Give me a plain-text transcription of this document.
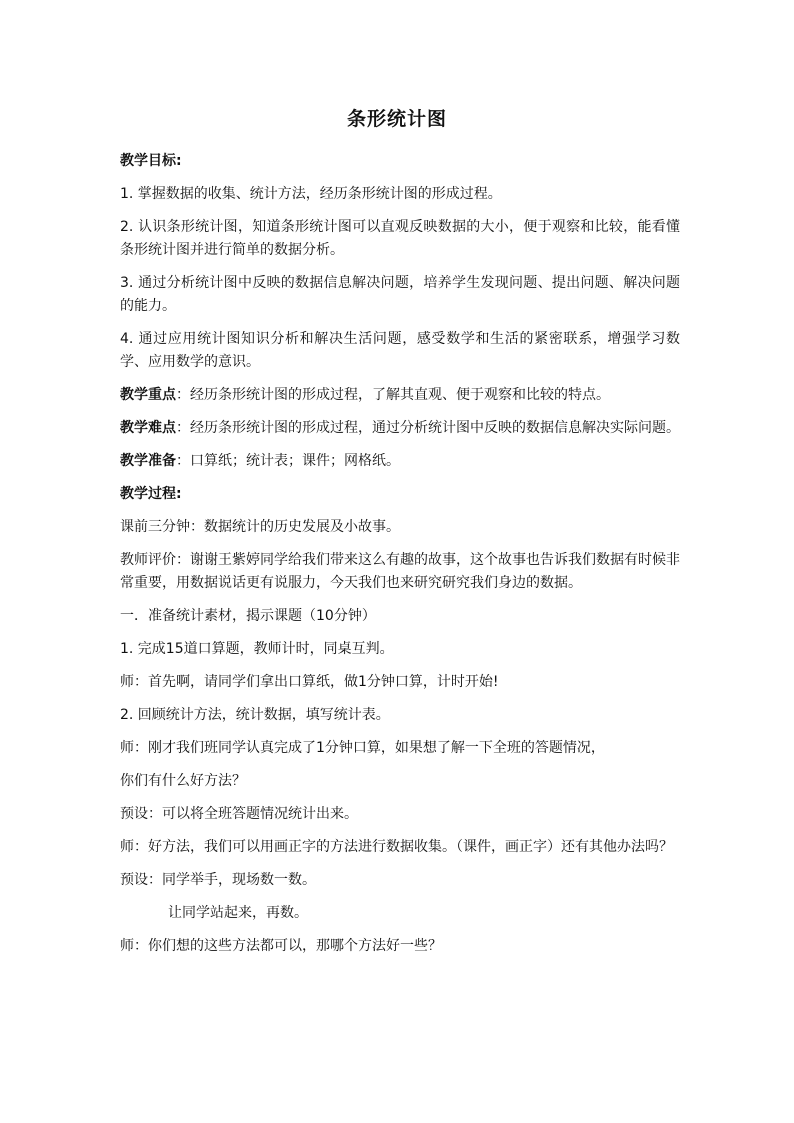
条形统计图

教学目标:

1. 掌握数据的收集、统计方法，经历条形统计图的形成过程。

2. 认识条形统计图，知道条形统计图可以直观反映数据的大小，便于观察和比较，能看懂条形统计图并进行简单的数据分析。

3. 通过分析统计图中反映的数据信息解决问题，培养学生发现问题、提出问题、解决问题的能力。

4. 通过应用统计图知识分析和解决生活问题，感受数学和生活的紧密联系，增强学习数学、应用数学的意识。

教学重点：经历条形统计图的形成过程，了解其直观、便于观察和比较的特点。

教学难点：经历条形统计图的形成过程，通过分析统计图中反映的数据信息解决实际问题。

教学准备：口算纸；统计表；课件；网格纸。

教学过程:

课前三分钟：数据统计的历史发展及小故事。

教师评价：谢谢王紫婷同学给我们带来这么有趣的故事，这个故事也告诉我们数据有时候非常重要，用数据说话更有说服力，今天我们也来研究研究我们身边的数据。

一．准备统计素材，揭示课题（10分钟）

1. 完成15道口算题，教师计时，同桌互判。

师：首先啊，请同学们拿出口算纸，做1分钟口算，计时开始!

2. 回顾统计方法，统计数据，填写统计表。

师：刚才我们班同学认真完成了1分钟口算，如果想了解一下全班的答题情况，

你们有什么好方法？

预设：可以将全班答题情况统计出来。

师：好方法，我们可以用画正字的方法进行数据收集。（课件，画正字）还有其他办法吗？

预设：同学举手，现场数一数。

让同学站起来，再数。

师：你们想的这些方法都可以，那哪个方法好一些？
